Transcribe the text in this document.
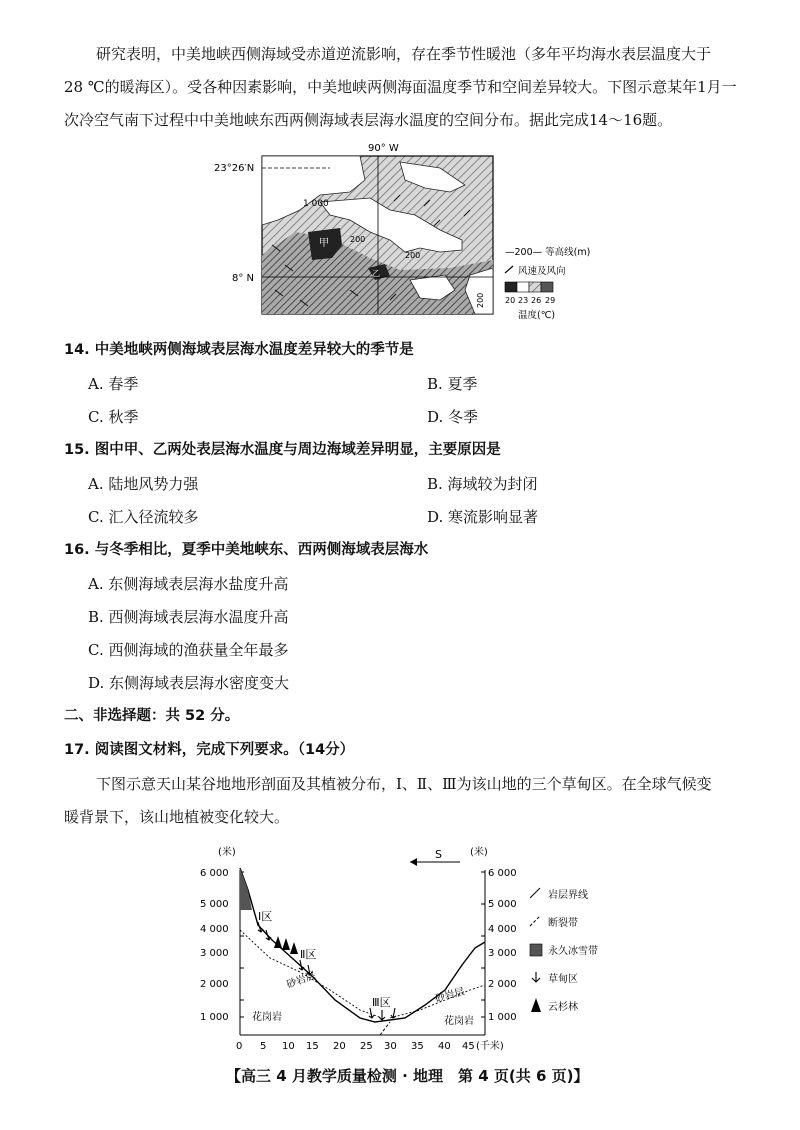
研究表明，中美地峡西侧海域受赤道逆流影响，存在季节性暖池（多年平均海水表层温度大于
28 ℃的暖海区）。受各种因素影响，中美地峡两侧海面温度季节和空间差异较大。下图示意某年1月一
次冷空气南下过程中中美地峡东西两侧海域表层海水温度的空间分布。据此完成14～16题。
90° W
23°26′N
8° N
1 000
200
200
200
甲
乙
—200— 等高线(m)
风速及风向
20 23 26 29
温度(℃)
14. 中美地峡两侧海域表层海水温度差异较大的季节是
A. 春季	B. 夏季
C. 秋季	D. 冬季
15. 图中甲、乙两处表层海水温度与周边海域差异明显，主要原因是
A. 陆地风势力强	B. 海域较为封闭
C. 汇入径流较多	D. 寒流影响显著
16. 与冬季相比，夏季中美地峡东、西两侧海域表层海水
A. 东侧海域表层海水盐度升高
B. 西侧海域表层海水温度升高
C. 西侧海域的渔获量全年最多
D. 东侧海域表层海水密度变大
二、非选择题：共 52 分。
17. 阅读图文材料，完成下列要求。（14分）
下图示意天山某谷地地形剖面及其植被分布，Ⅰ、Ⅱ、Ⅲ为该山地的三个草甸区。在全球气候变
暖背景下，该山地植被变化较大。
1 000
2 000
3 000
4 000
5 000
6 000
1 000
2 000
3 000
4 000
5 000
6 000
(米)	(米)
S
0 5 10 15 20 25 30 35 40 45 (千米)
Ⅰ区
Ⅱ区
Ⅲ区
砂岩层
砂岩层
花岗岩	花岗岩
岩层界线
断裂带
永久冰雪带
草甸区
云杉林
【高三 4 月教学质量检测 · 地理　第 4 页(共 6 页)】
